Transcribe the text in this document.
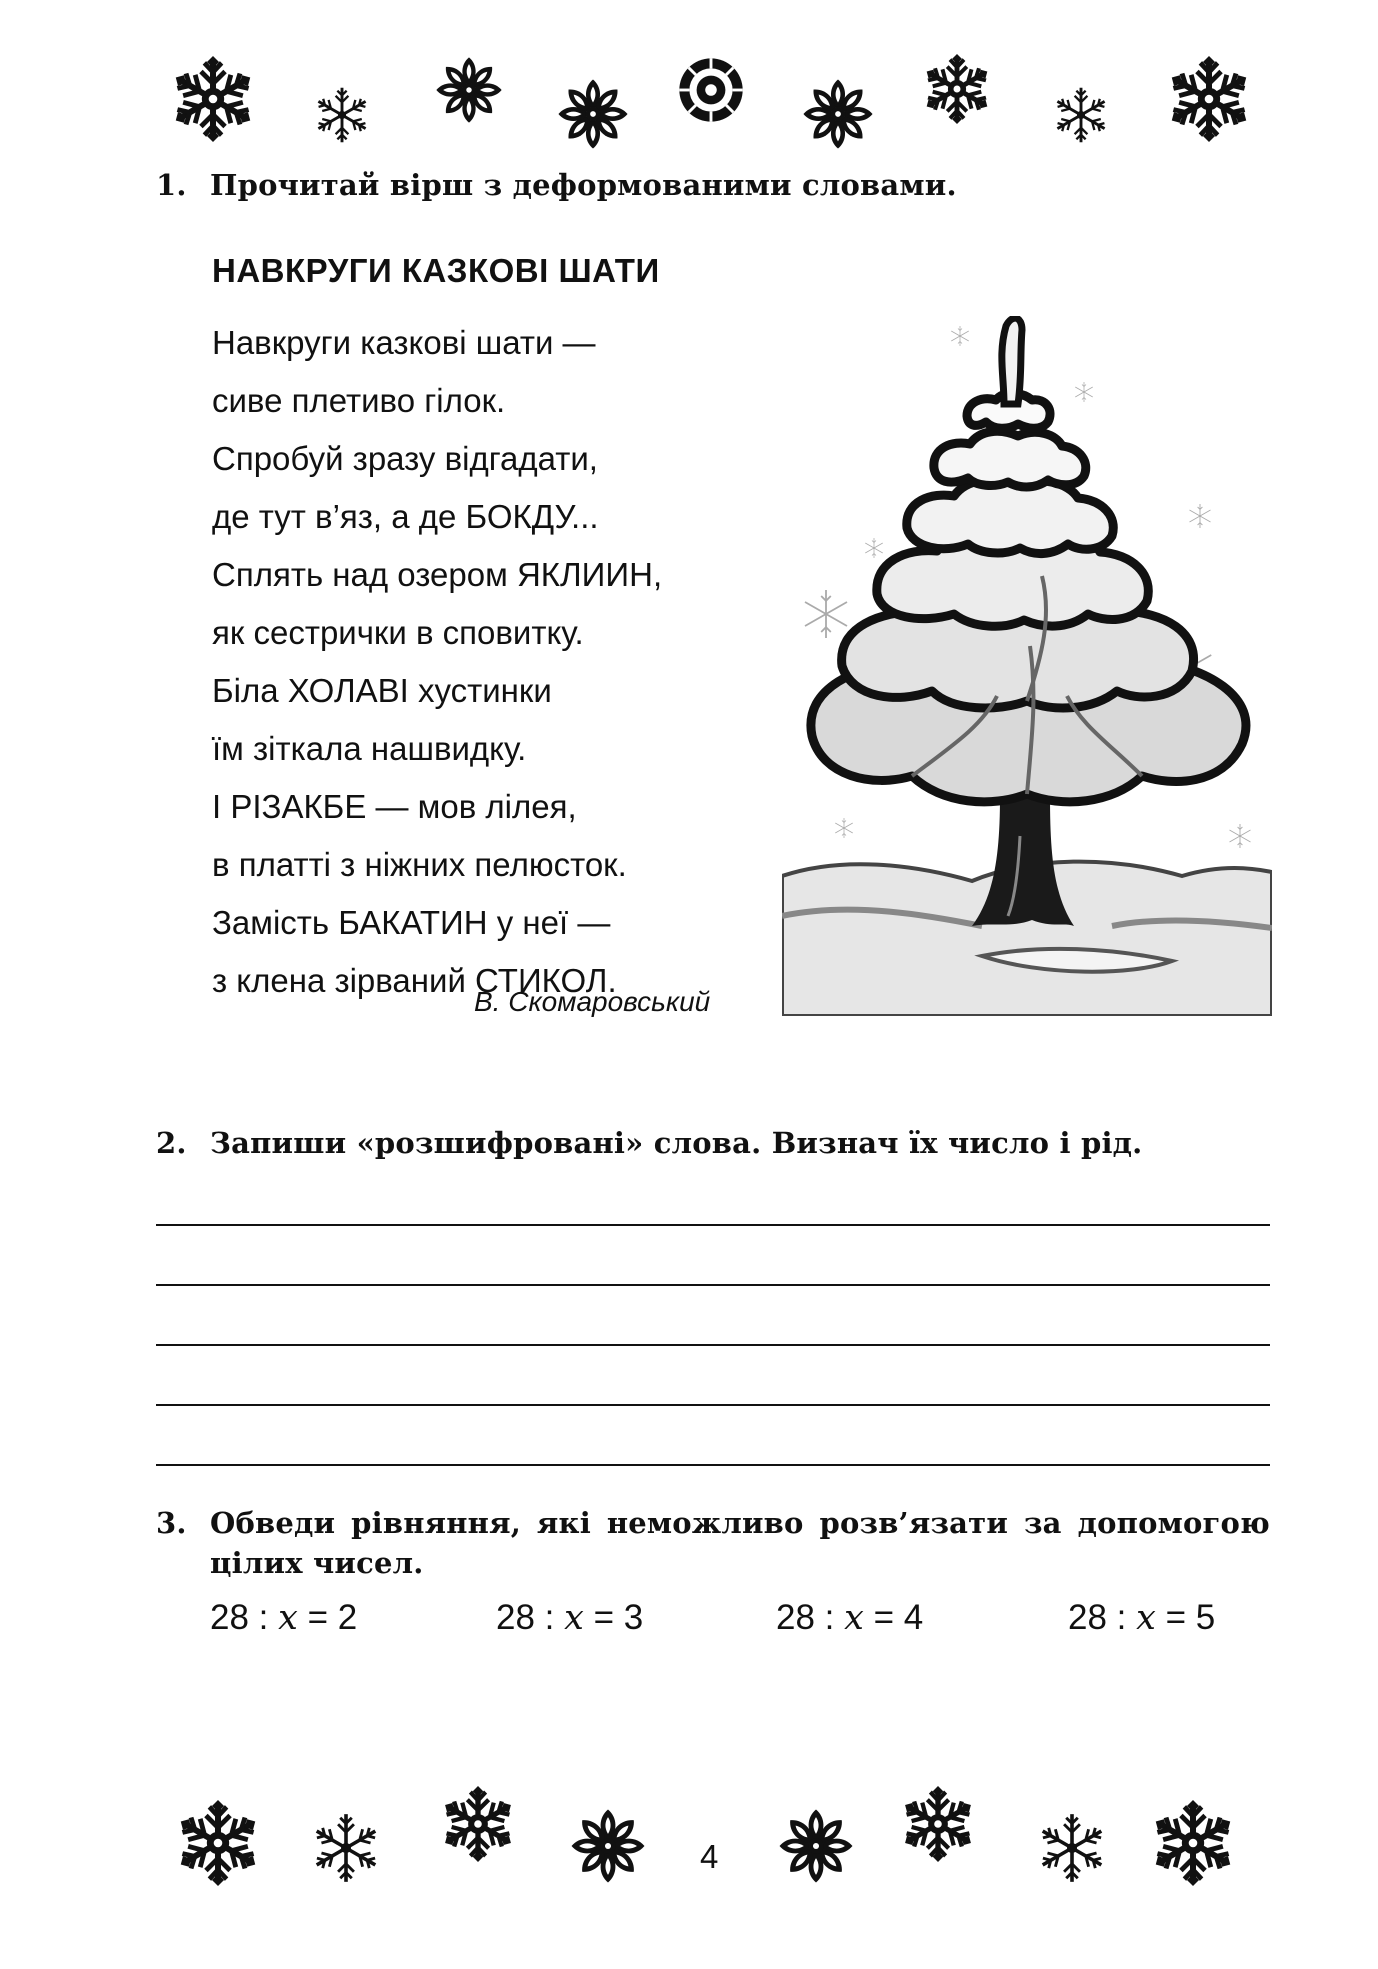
1. Прочитай вірш з деформованими словами.
НАВКРУГИ КАЗКОВІ ШАТИ
Навкруги казкові шати —
сиве плетиво гілок.
Спробуй зразу відгадати,
де тут в’яз, а де БОКДУ...
Сплять над озером ЯКЛИИН,
як сестрички в сповитку.
Біла ХОЛАВІ хустинки
їм зіткала нашвидку.
І РІЗАКБЕ — мов лілея,
в платті з ніжних пелюсток.
Замість БАКАТИН у неї —
з клена зірваний СТИКОЛ.
В. Скомаровський
2. Запиши «розшифровані» слова. Визнач їх число і рід.
3. Обведи рівняння, які неможливо розв’язати за допомогою
цілих чисел.
28 : x = 2	28 : x = 3	28 : x = 4	28 : x = 5
4
